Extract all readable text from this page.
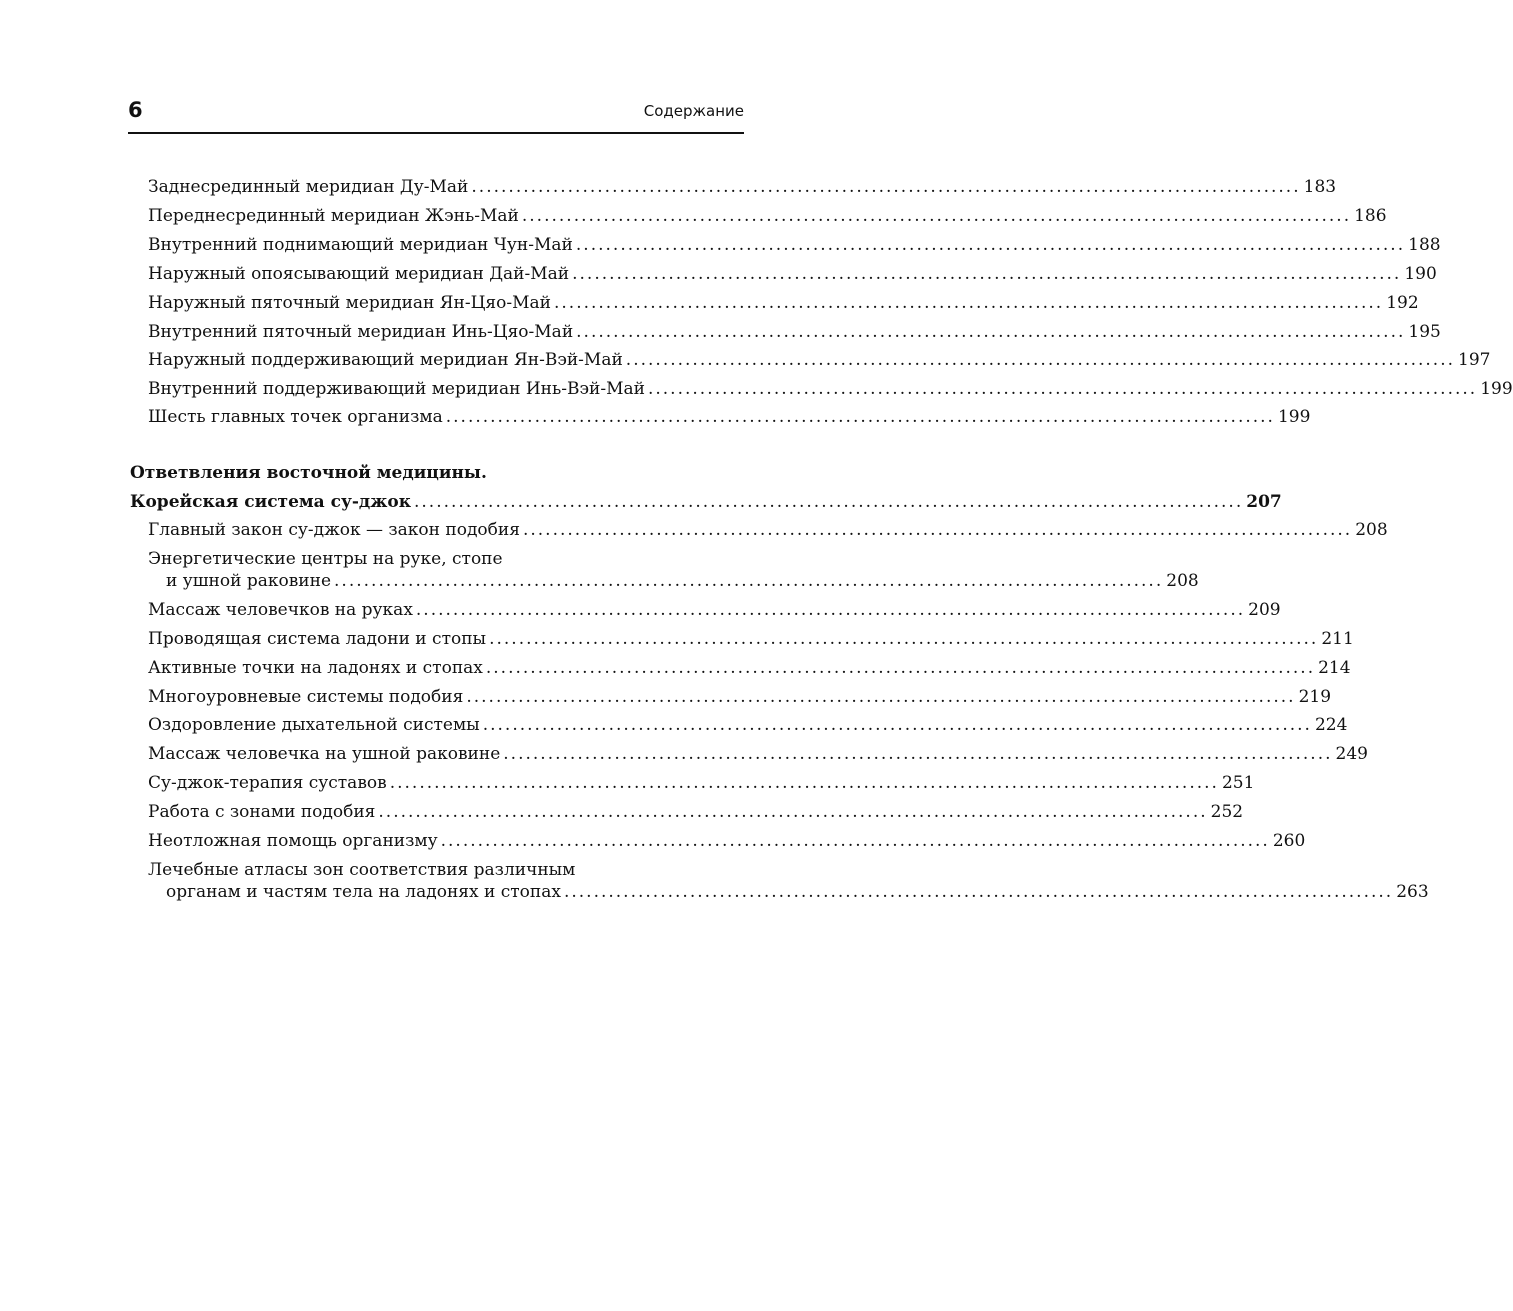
6	Содержание
Заднесрединный меридиан Ду-Май ................................................................................................................ 183
Переднесрединный меридиан Жэнь-Май ................................................................................................................ 186
Внутренний поднимающий меридиан Чун-Май ................................................................................................................ 188
Наружный опоясывающий меридиан Дай-Май ................................................................................................................ 190
Наружный пяточный меридиан Ян-Цяо-Май ................................................................................................................ 192
Внутренний пяточный меридиан Инь-Цяо-Май ................................................................................................................ 195
Наружный поддерживающий меридиан Ян-Вэй-Май ................................................................................................................ 197
Внутренний поддерживающий меридиан Инь-Вэй-Май ................................................................................................................ 199
Шесть главных точек организма ................................................................................................................ 199
Ответвления восточной медицины.
Корейская система су-джок ................................................................................................................ 207
Главный закон су-джок — закон подобия ................................................................................................................ 208
Энергетические центры на руке, стопе
и ушной раковине ................................................................................................................ 208
Массаж человечков на руках ................................................................................................................ 209
Проводящая система ладони и стопы ................................................................................................................ 211
Активные точки на ладонях и стопах ................................................................................................................ 214
Многоуровневые системы подобия ................................................................................................................ 219
Оздоровление дыхательной системы ................................................................................................................ 224
Массаж человечка на ушной раковине ................................................................................................................ 249
Су-джок-терапия суставов ................................................................................................................ 251
Работа с зонами подобия ................................................................................................................ 252
Неотложная помощь организму ................................................................................................................ 260
Лечебные атласы зон соответствия различным
органам и частям тела на ладонях и стопах ................................................................................................................ 263
